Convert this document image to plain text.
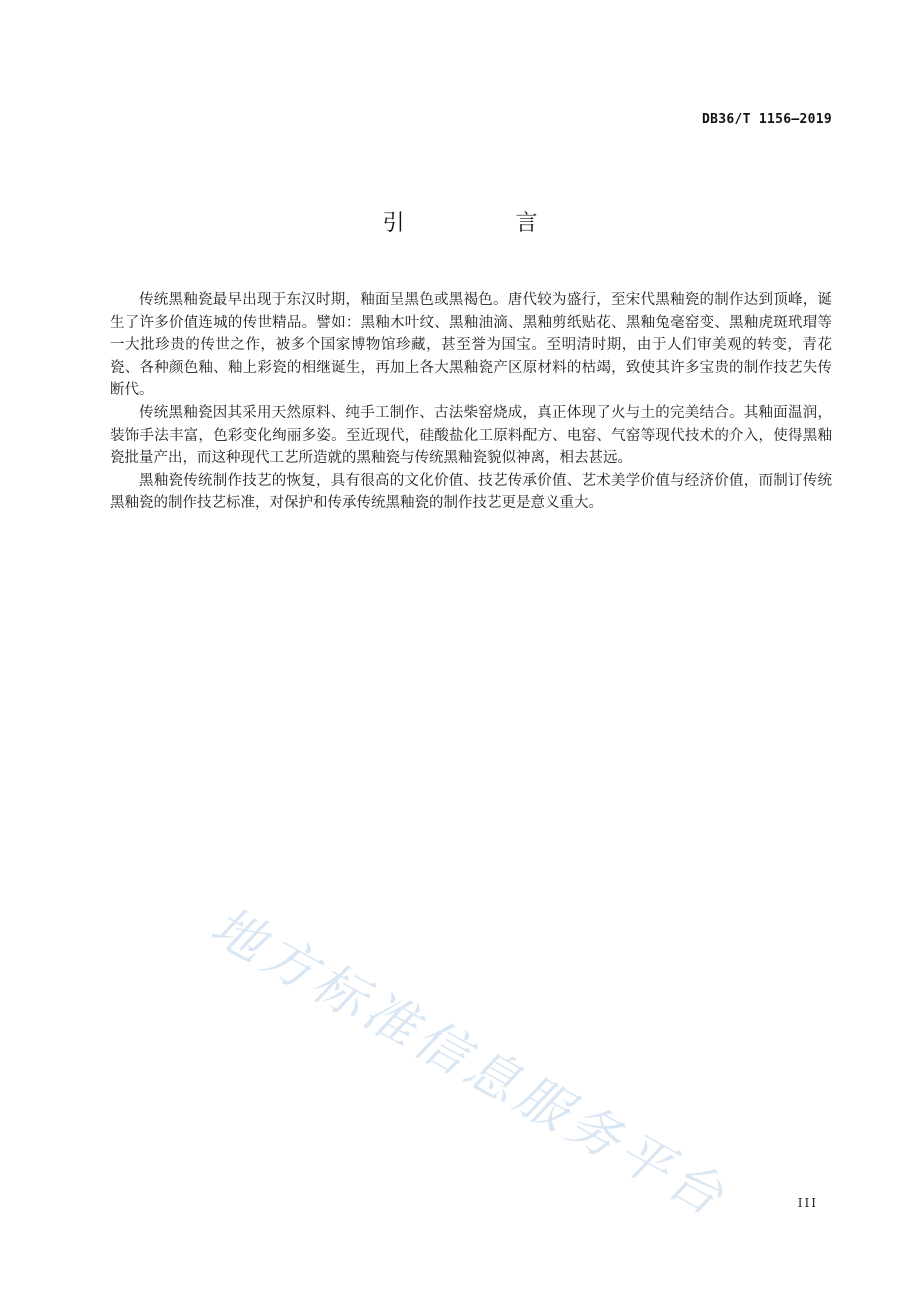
DB36/T 1156—2019
引 言

传统黑釉瓷最早出现于东汉时期，釉面呈黑色或黑褐色。唐代较为盛行，至宋代黑釉瓷的制作达到顶峰，诞生了许多价值连城的传世精品。譬如：黑釉木叶纹、黑釉油滴、黑釉剪纸贴花、黑釉兔毫窑变、黑釉虎斑玳瑁等一大批珍贵的传世之作，被多个国家博物馆珍藏，甚至誉为国宝。至明清时期，由于人们审美观的转变，青花瓷、各种颜色釉、釉上彩瓷的相继诞生，再加上各大黑釉瓷产区原材料的枯竭，致使其许多宝贵的制作技艺失传断代。

传统黑釉瓷因其采用天然原料、纯手工制作、古法柴窑烧成，真正体现了火与土的完美结合。其釉面温润，装饰手法丰富，色彩变化绚丽多姿。至近现代，硅酸盐化工原料配方、电窑、气窑等现代技术的介入，使得黑釉瓷批量产出，而这种现代工艺所造就的黑釉瓷与传统黑釉瓷貌似神离，相去甚远。

黑釉瓷传统制作技艺的恢复，具有很高的文化价值、技艺传承价值、艺术美学价值与经济价值，而制订传统黑釉瓷的制作技艺标准，对保护和传承传统黑釉瓷的制作技艺更是意义重大。

地方标准信息服务平台	III
